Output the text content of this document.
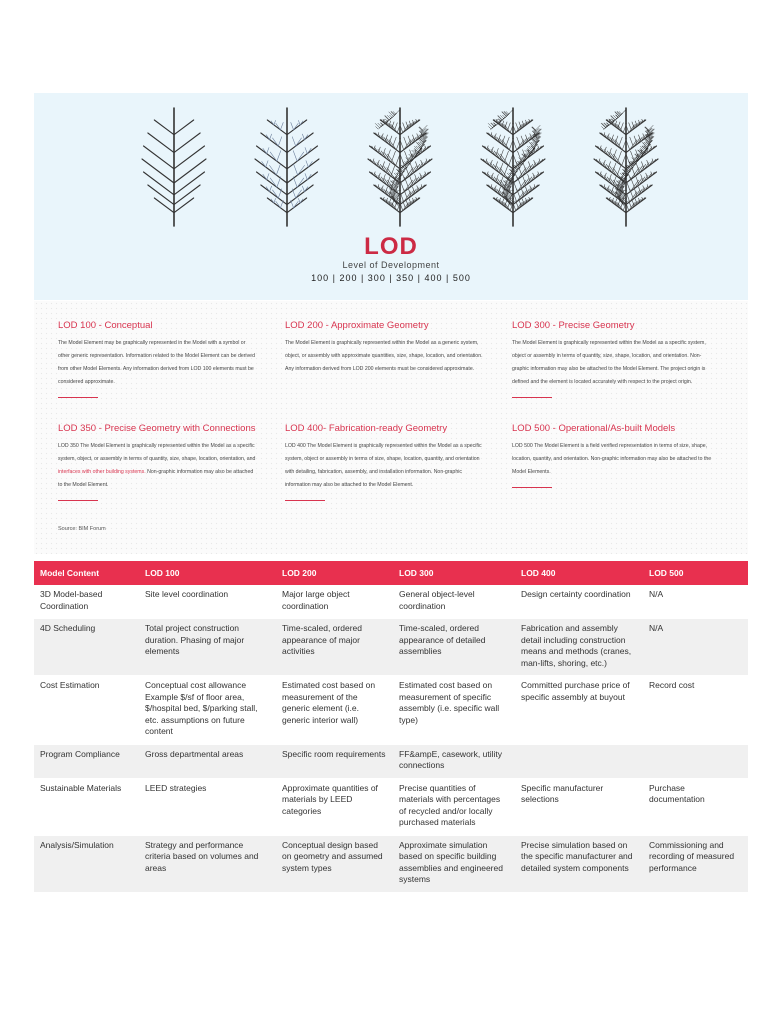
LOD
Level of Development
100 | 200 | 300 | 350 | 400 | 500
LOD 100 - Conceptual

The Model Element may be graphically represented in the Model with a symbol or other generic representation. Information related to the Model Element can be derived from other Model Elements. Any information derived from LOD 100 elements must be considered approximate.

LOD 200 - Approximate Geometry

The Model Element is graphically represented within the Model as a generic system, object, or assembly with approximate quantities, size, shape, location, and orientation. Any information derived from LOD 200 elements must be considered approximate.

LOD 300 - Precise Geometry

The Model Element is graphically represented within the Model as a specific system, object or assembly in terms of quantity, size, shape, location, and orientation. Non-graphic information may also be attached to the Model Element. The project origin is defined and the element is located accurately with respect to the project origin.

LOD 350 - Precise Geometry with Connections

LOD 350 The Model Element is graphically represented within the Model as a specific system, object, or assembly in terms of quantity, size, shape, location, orientation, and interfaces with other building systems. Non-graphic information may also be attached to the Model Element.

LOD 400- Fabrication-ready Geometry

LOD 400 The Model Element is graphically represented within the Model as a specific system, object or assembly in terms of size, shape, location, quantity, and orientation with detailing, fabrication, assembly, and installation information. Non-graphic information may also be attached to the Model Element.

LOD 500 - Operational/As-built Models

LOD 500 The Model Element is a field verified representation in terms of size, shape, location, quantity, and orientation. Non-graphic information may also be attached to the Model Elements.

Source: BIM Forum
Model Content	LOD 100	LOD 200	LOD 300	LOD 400	LOD 500
3D Model-based Coordination	Site level coordination	Major large object coordination	General object-level coordination	Design certainty coordination	N/A
4D Scheduling	Total project construction duration. Phasing of major elements	Time-scaled, ordered appearance of major activities	Time-scaled, ordered appearance of detailed assemblies	Fabrication and assembly detail including construction means and methods (cranes, man-lifts, shoring, etc.)	N/A
Cost Estimation	Conceptual cost allowance Example $/sf of floor area, $/hospital bed, $/parking stall, etc. assumptions on future content	Estimated cost based on measurement of the generic element (i.e. generic interior wall)	Estimated cost based on measurement of specific assembly (i.e. specific wall type)	Committed purchase price of specific assembly at buyout	Record cost
Program Compliance	Gross departmental areas	Specific room requirements	FF&ampE, casework, utility connections		
Sustainable Materials	LEED strategies	Approximate quantities of materials by LEED categories	Precise quantities of materials with percentages of recycled and/or locally purchased materials	Specific manufacturer selections	Purchase documentation
Analysis/Simulation	Strategy and performance criteria based on volumes and areas	Conceptual design based on geometry and assumed system types	Approximate simulation based on specific building assemblies and engineered systems	Precise simulation based on the specific manufacturer and detailed system components	Commissioning and recording of measured performance
